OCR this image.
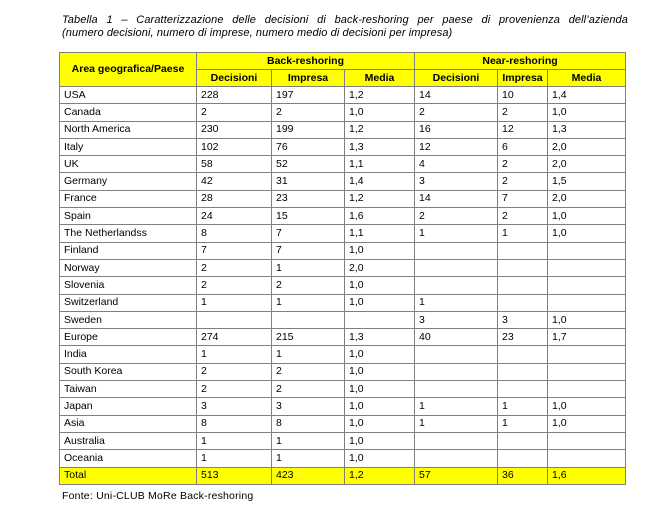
Tabella 1 – Caratterizzazione delle decisioni di back-reshoring per paese di provenienza dell’azienda
(numero decisioni, numero di imprese, numero medio di decisioni per impresa)
Area geografica/Paese	Back-reshoring			Near-reshoring		
	Decisioni	Impresa	Media	Decisioni	Impresa	Media
USA	228	197	1,2	14	10	1,4
Canada	2	2	1,0	2	2	1,0
North America	230	199	1,2	16	12	1,3
Italy	102	76	1,3	12	6	2,0
UK	58	52	1,1	4	2	2,0
Germany	42	31	1,4	3	2	1,5
France	28	23	1,2	14	7	2,0
Spain	24	15	1,6	2	2	1,0
The Netherlandss	8	7	1,1	1	1	1,0
Finland	7	7	1,0			
Norway	2	1	2,0			
Slovenia	2	2	1,0			
Switzerland	1	1	1,0	1		
Sweden				3	3	1,0
Europe	274	215	1,3	40	23	1,7
India	1	1	1,0			
South Korea	2	2	1,0			
Taiwan	2	2	1,0			
Japan	3	3	1,0	1	1	1,0
Asia	8	8	1,0	1	1	1,0
Australia	1	1	1,0			
Oceania	1	1	1,0			
Total	513	423	1,2	57	36	1,6
Fonte: Uni-CLUB MoRe Back-reshoring
